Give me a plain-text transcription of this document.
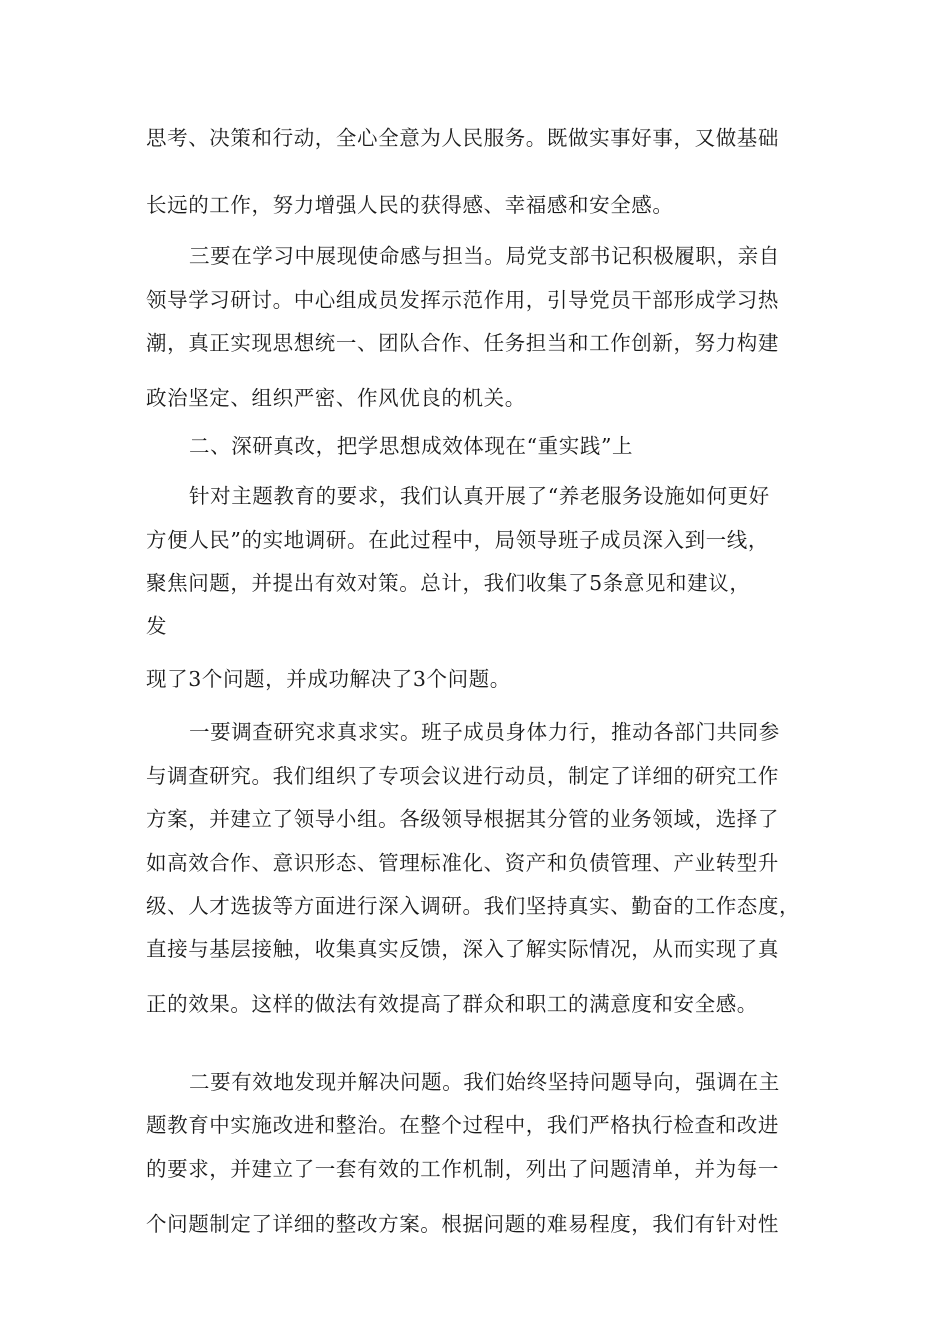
思考、决策和行动，全心全意为人民服务。既做实事好事，又做基础

长远的工作，努力增强人民的获得感、幸福感和安全感。

三要在学习中展现使命感与担当。局党支部书记积极履职，亲自

领导学习研讨。中心组成员发挥示范作用，引导党员干部形成学习热

潮，真正实现思想统一、团队合作、任务担当和工作创新，努力构建

政治坚定、组织严密、作风优良的机关。

二、深研真改，把学思想成效体现在“重实践”上

针对主题教育的要求，我们认真开展了“养老服务设施如何更好

方便人民”的实地调研。在此过程中，局领导班子成员深入到一线，

聚焦问题，并提出有效对策。总计，我们收集了5条意见和建议，

发

现了3个问题，并成功解决了3个问题。

一要调查研究求真求实。班子成员身体力行，推动各部门共同参

与调查研究。我们组织了专项会议进行动员，制定了详细的研究工作

方案，并建立了领导小组。各级领导根据其分管的业务领域，选择了

如高效合作、意识形态、管理标准化、资产和负债管理、产业转型升

级、人才选拔等方面进行深入调研。我们坚持真实、勤奋的工作态度，

直接与基层接触，收集真实反馈，深入了解实际情况，从而实现了真

正的效果。这样的做法有效提高了群众和职工的满意度和安全感。

二要有效地发现并解决问题。我们始终坚持问题导向，强调在主

题教育中实施改进和整治。在整个过程中，我们严格执行检查和改进

的要求，并建立了一套有效的工作机制，列出了问题清单，并为每一

个问题制定了详细的整改方案。根据问题的难易程度，我们有针对性
